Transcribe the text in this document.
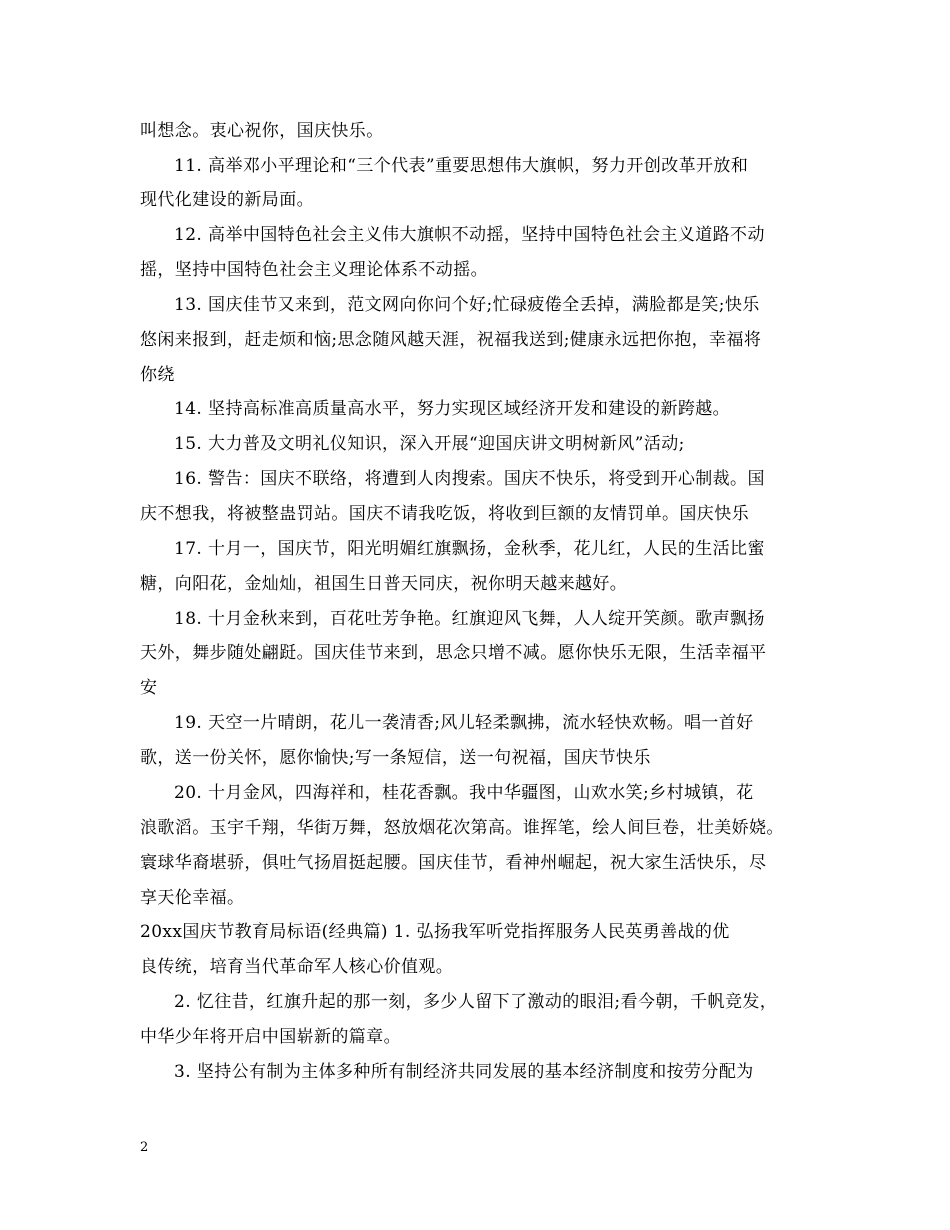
叫想念。衷心祝你，国庆快乐。
11. 高举邓小平理论和“三个代表”重要思想伟大旗帜，努力开创改革开放和
现代化建设的新局面。
12. 高举中国特色社会主义伟大旗帜不动摇，坚持中国特色社会主义道路不动
摇，坚持中国特色社会主义理论体系不动摇。
13. 国庆佳节又来到，范文网向你问个好;忙碌疲倦全丢掉，满脸都是笑;快乐
悠闲来报到，赶走烦和恼;思念随风越天涯，祝福我送到;健康永远把你抱，幸福将
你绕
14. 坚持高标准高质量高水平，努力实现区域经济开发和建设的新跨越。
15. 大力普及文明礼仪知识，深入开展“迎国庆讲文明树新风”活动;
16. 警告：国庆不联络，将遭到人肉搜索。国庆不快乐，将受到开心制裁。国
庆不想我，将被整蛊罚站。国庆不请我吃饭，将收到巨额的友情罚单。国庆快乐
17. 十月一，国庆节，阳光明媚红旗飘扬，金秋季，花儿红，人民的生活比蜜
糖，向阳花，金灿灿，祖国生日普天同庆，祝你明天越来越好。
18. 十月金秋来到，百花吐芳争艳。红旗迎风飞舞，人人绽开笑颜。歌声飘扬
天外，舞步随处翩跹。国庆佳节来到，思念只增不减。愿你快乐无限，生活幸福平
安
19. 天空一片晴朗，花儿一袭清香;风儿轻柔飘拂，流水轻快欢畅。唱一首好
歌，送一份关怀，愿你愉快;写一条短信，送一句祝福，国庆节快乐
20. 十月金风，四海祥和，桂花香飘。我中华疆图，山欢水笑;乡村城镇，花
浪歌滔。玉宇千翔，华街万舞，怒放烟花次第高。谁挥笔，绘人间巨卷，壮美娇娆。
寰球华裔堪骄，俱吐气扬眉挺起腰。国庆佳节，看神州崛起，祝大家生活快乐，尽
享天伦幸福。
20xx国庆节教育局标语(经典篇) 1. 弘扬我军听党指挥服务人民英勇善战的优
良传统，培育当代革命军人核心价值观。
2. 忆往昔，红旗升起的那一刻，多少人留下了激动的眼泪;看今朝，千帆竞发，
中华少年将开启中国崭新的篇章。
3. 坚持公有制为主体多种所有制经济共同发展的基本经济制度和按劳分配为
2
